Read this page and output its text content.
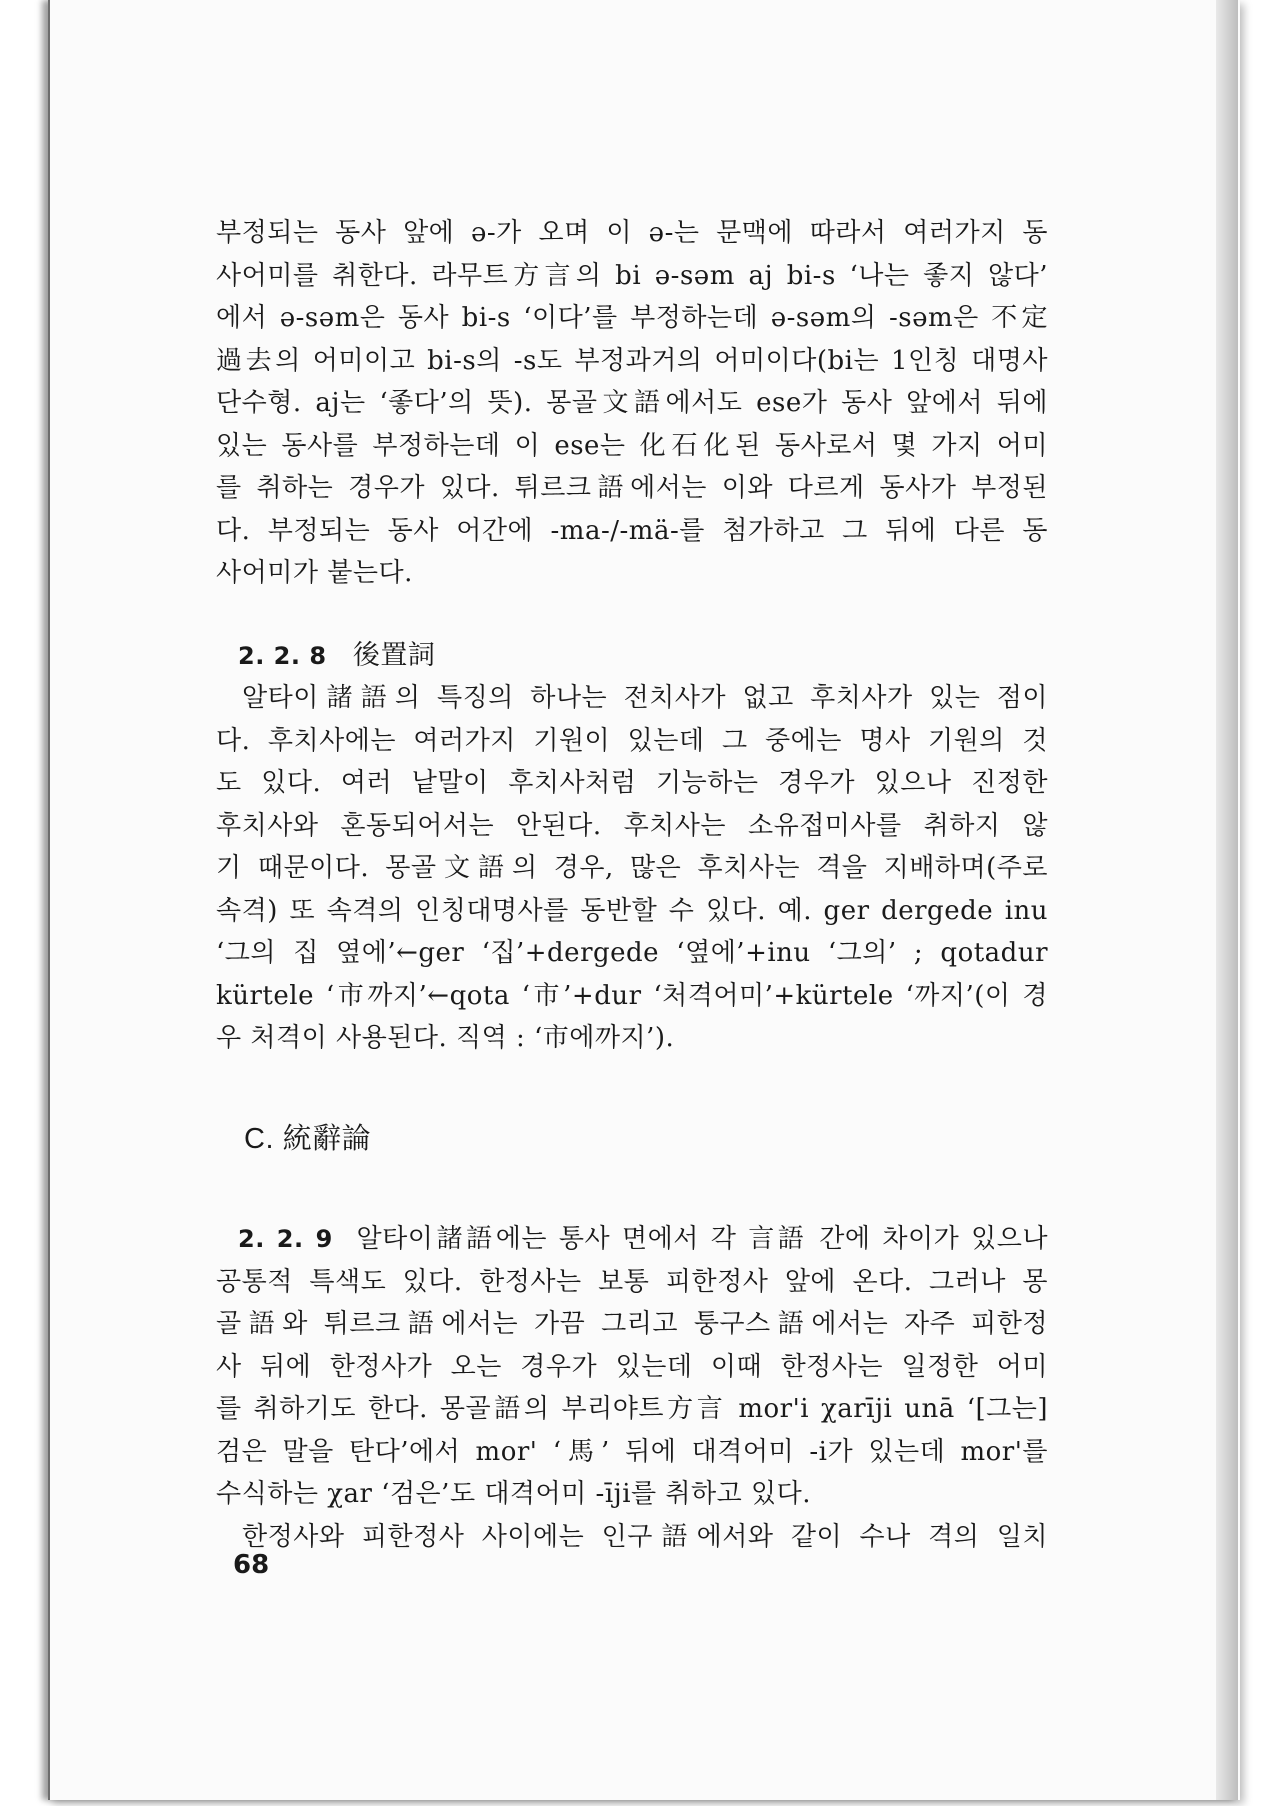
부정되는 동사 앞에 ə-가 오며 이 ə-는 문맥에 따라서 여러가지 동
사어미를 취한다. 라무트方言의 bi ə-səm aj bi-s ‘나는 좋지 않다’
에서 ə-səm은 동사 bi-s ‘이다’를 부정하는데 ə-səm의 -səm은 不定
過去의 어미이고 bi-s의 -s도 부정과거의 어미이다(bi는 1인칭 대명사
단수형. aj는 ‘좋다’의 뜻). 몽골文語에서도 ese가 동사 앞에서 뒤에
있는 동사를 부정하는데 이 ese는 化石化된 동사로서 몇 가지 어미
를 취하는 경우가 있다. 튀르크語에서는 이와 다르게 동사가 부정된
다. 부정되는 동사 어간에 -ma-/-mä-를 첨가하고 그 뒤에 다른 동
사어미가 붙는다.
2. 2. 8 後置詞
알타이諸語의 특징의 하나는 전치사가 없고 후치사가 있는 점이
다. 후치사에는 여러가지 기원이 있는데 그 중에는 명사 기원의 것
도 있다. 여러 낱말이 후치사처럼 기능하는 경우가 있으나 진정한
후치사와 혼동되어서는 안된다. 후치사는 소유접미사를 취하지 않
기 때문이다. 몽골文語의 경우, 많은 후치사는 격을 지배하며(주로
속격) 또 속격의 인칭대명사를 동반할 수 있다. 예. ger dergede inu
‘그의 집 옆에’←ger ‘집’+dergede ‘옆에’+inu ‘그의’ ; qotadur
kürtele ‘市까지’←qota ‘市’+dur ‘처격어미’+kürtele ‘까지’(이 경
우 처격이 사용된다. 직역 : ‘市에까지’).
C. 統辭論
2. 2. 9 알타이諸語에는 통사 면에서 각 言語 간에 차이가 있으나
공통적 특색도 있다. 한정사는 보통 피한정사 앞에 온다. 그러나 몽
골語와 튀르크語에서는 가끔 그리고 퉁구스語에서는 자주 피한정
사 뒤에 한정사가 오는 경우가 있는데 이때 한정사는 일정한 어미
를 취하기도 한다. 몽골語의 부리야트方言 mor'i χarīji unā ‘[그는]
검은 말을 탄다’에서 mor' ‘馬’ 뒤에 대격어미 -i가 있는데 mor'를
수식하는 χar ‘검은’도 대격어미 -īji를 취하고 있다.
한정사와 피한정사 사이에는 인구語에서와 같이 수나 격의 일치
68
